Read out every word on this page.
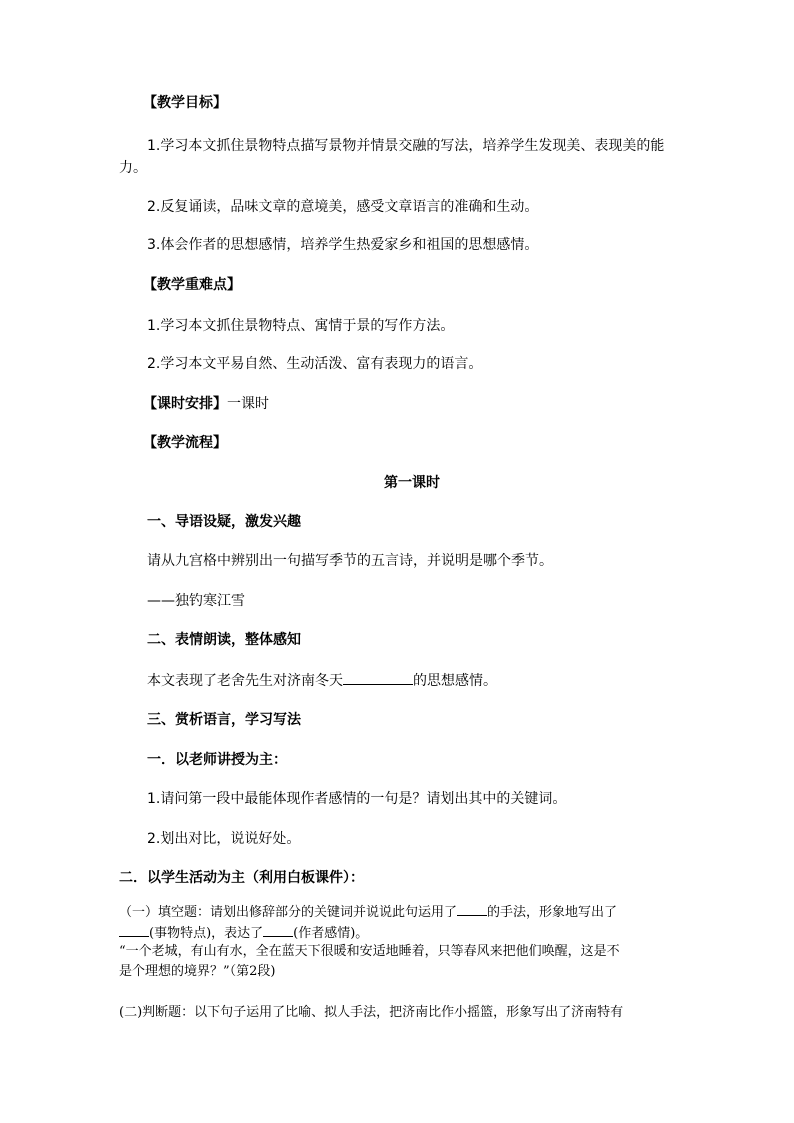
【教学目标】
1.学习本文抓住景物特点描写景物并情景交融的写法，培养学生发现美、表现美的能
力。
2.反复诵读，品味文章的意境美，感受文章语言的准确和生动。
3.体会作者的思想感情，培养学生热爱家乡和祖国的思想感情。
【教学重难点】
1.学习本文抓住景物特点、寓情于景的写作方法。
2.学习本文平易自然、生动活泼、富有表现力的语言。
【课时安排】一课时
【教学流程】
第一课时
一、导语设疑，激发兴趣
请从九宫格中辨别出一句描写季节的五言诗，并说明是哪个季节。
——独钓寒江雪
二、表情朗读，整体感知
本文表现了老舍先生对济南冬天	的思想感情。
三、赏析语言，学习写法
一．以老师讲授为主：
1.请问第一段中最能体现作者感情的一句是？请划出其中的关键词。
2.划出对比，说说好处。
二．以学生活动为主（利用白板课件）：
（一）填空题：请划出修辞部分的关键词并说说此句运用了 的手法，形象地写出了
(事物特点)，表达了 (作者感情)。
“一个老城，有山有水，全在蓝天下很暖和安适地睡着，只等春风来把他们唤醒，这是不
是个理想的境界？”（第2段)
(二)判断题：以下句子运用了比喻、拟人手法，把济南比作小摇篮，形象写出了济南特有
